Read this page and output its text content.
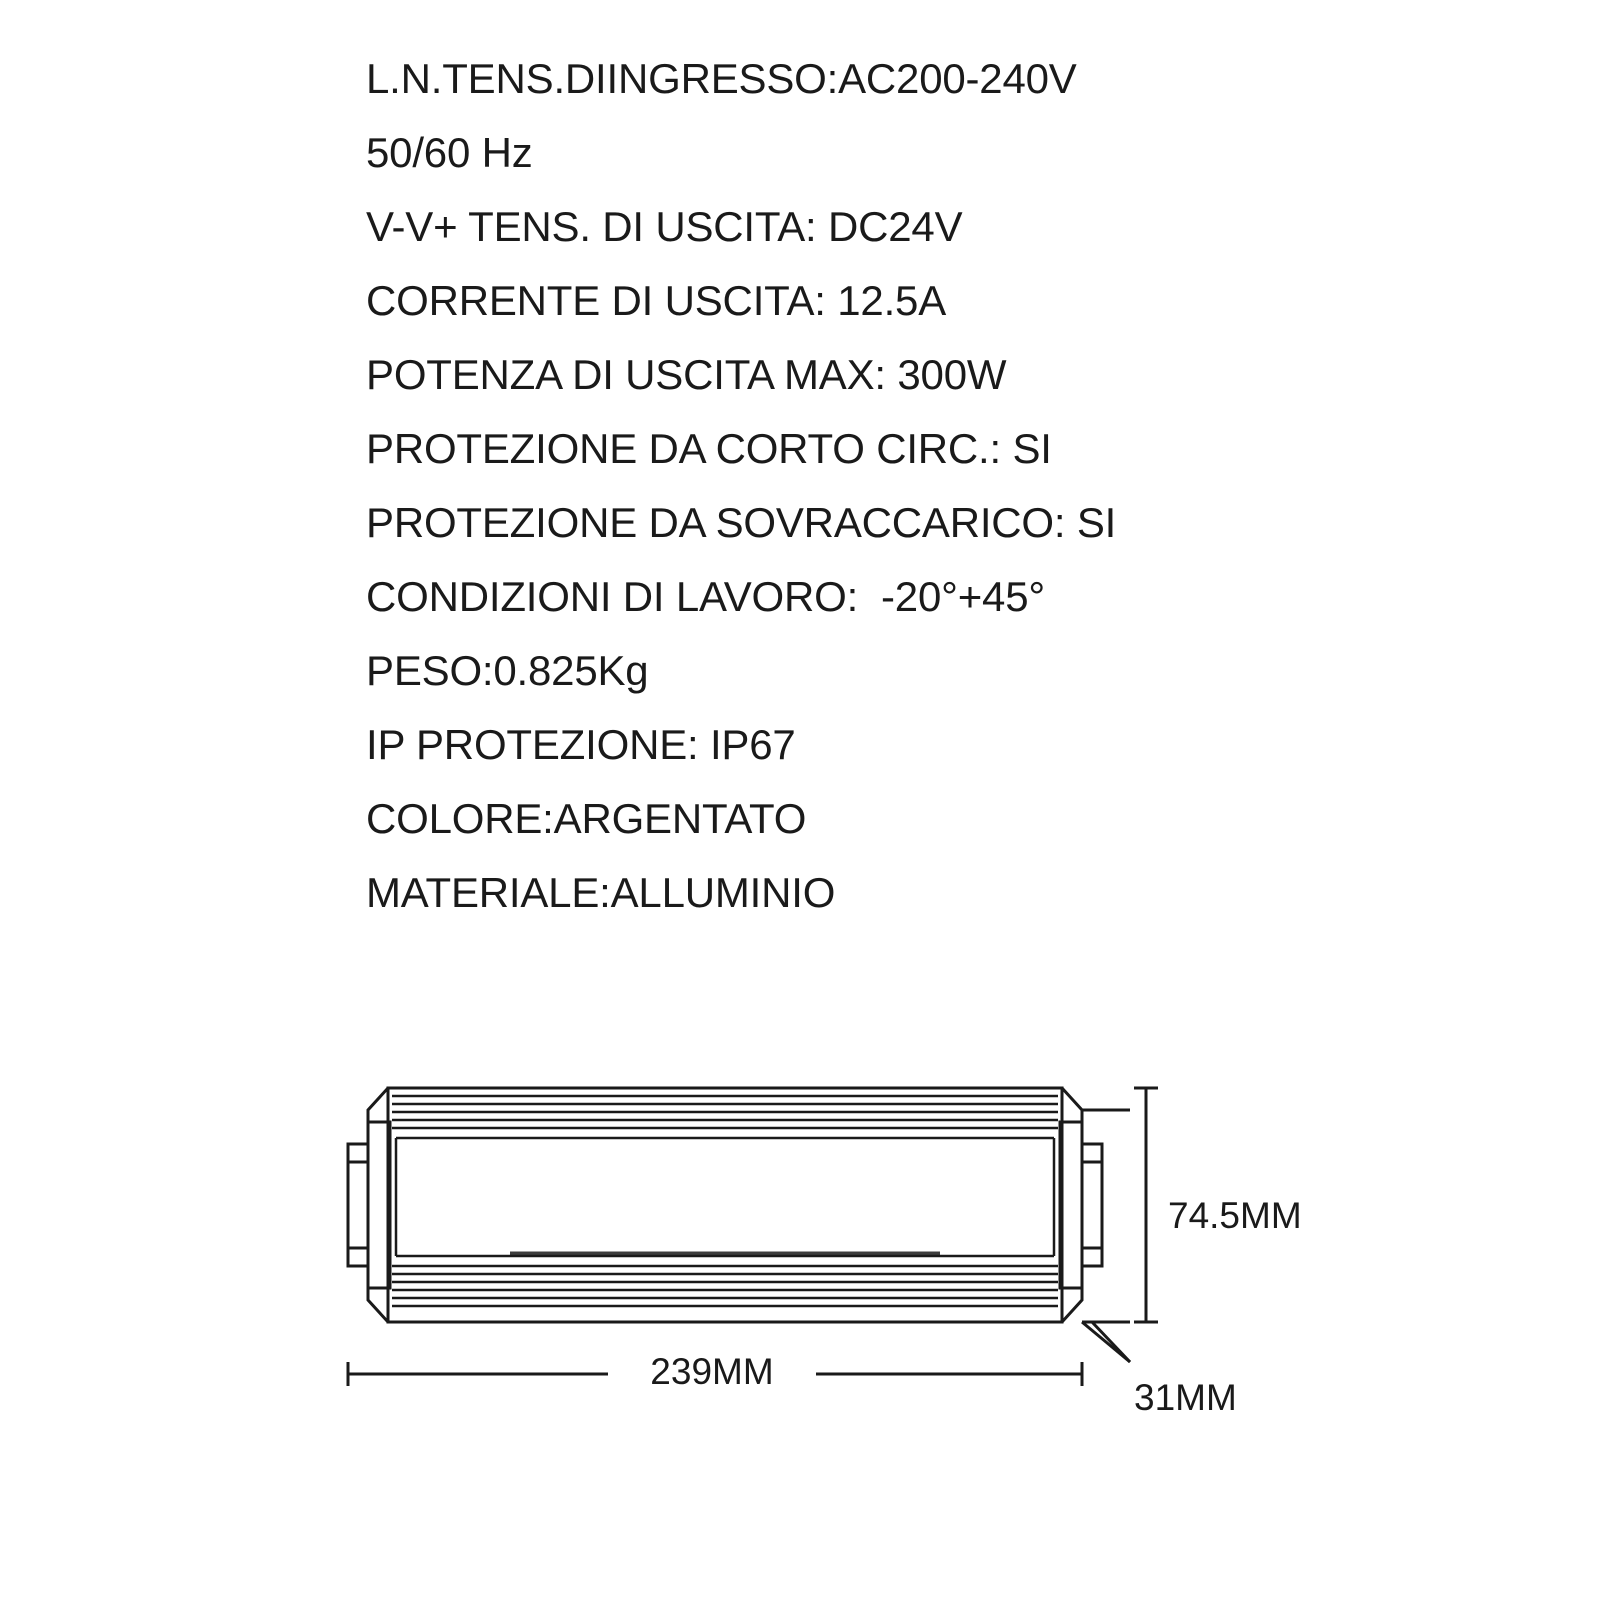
L.N.TENS.DIINGRESSO:AC200-240V
50/60 Hz
V-V+ TENS. DI USCITA: DC24V
CORRENTE DI USCITA: 12.5A
POTENZA DI USCITA MAX: 300W
PROTEZIONE DA CORTO CIRC.: SI
PROTEZIONE DA SOVRACCARICO: SI
CONDIZIONI DI LAVORO:  -20°+45°
PESO:0.825Kg
IP PROTEZIONE: IP67
COLORE:ARGENTATO
MATERIALE:ALLUMINIO
74.5MM
239MM
31MM
